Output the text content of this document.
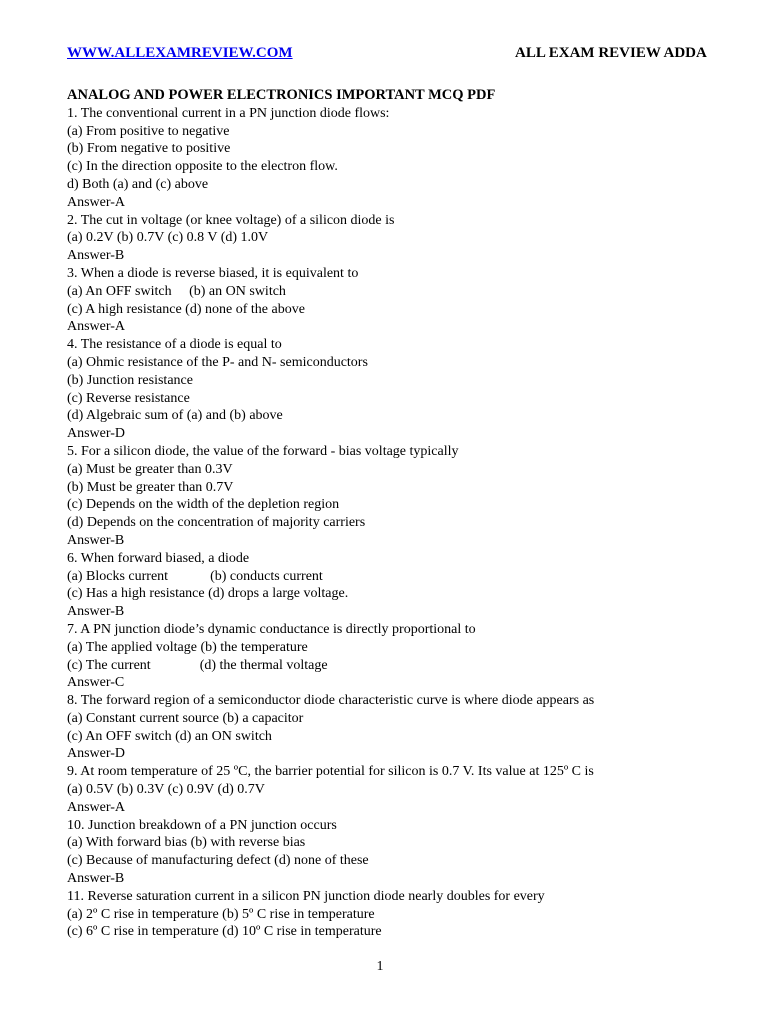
WWW.ALLEXAMREVIEW.COM	ALL EXAM REVIEW ADDA
ANALOG AND POWER ELECTRONICS IMPORTANT MCQ PDF
1. The conventional current in a PN junction diode flows:
(a) From positive to negative
(b) From negative to positive
(c) In the direction opposite to the electron flow.
d) Both (a) and (c) above
Answer-A
2. The cut in voltage (or knee voltage) of a silicon diode is
(a) 0.2V (b) 0.7V (c) 0.8 V (d) 1.0V
Answer-B
3. When a diode is reverse biased, it is equivalent to
(a) An OFF switch     (b) an ON switch
(c) A high resistance (d) none of the above
Answer-A
4. The resistance of a diode is equal to
(a) Ohmic resistance of the P- and N- semiconductors
(b) Junction resistance
(c) Reverse resistance
(d) Algebraic sum of (a) and (b) above
Answer-D
5. For a silicon diode, the value of the forward - bias voltage typically
(a) Must be greater than 0.3V
(b) Must be greater than 0.7V
(c) Depends on the width of the depletion region
(d) Depends on the concentration of majority carriers
Answer-B
6. When forward biased, a diode
(a) Blocks current            (b) conducts current
(c) Has a high resistance (d) drops a large voltage.
Answer-B
7. A PN junction diode’s dynamic conductance is directly proportional to
(a) The applied voltage (b) the temperature
(c) The current              (d) the thermal voltage
Answer-C
8. The forward region of a semiconductor diode characteristic curve is where diode appears as
(a) Constant current source (b) a capacitor
(c) An OFF switch (d) an ON switch
Answer-D
9. At room temperature of 25 ºC, the barrier potential for silicon is 0.7 V. Its value at 125º C is
(a) 0.5V (b) 0.3V (c) 0.9V (d) 0.7V
Answer-A
10. Junction breakdown of a PN junction occurs
(a) With forward bias (b) with reverse bias
(c) Because of manufacturing defect (d) none of these
Answer-B
11. Reverse saturation current in a silicon PN junction diode nearly doubles for every
(a) 2º C rise in temperature (b) 5º C rise in temperature
(c) 6º C rise in temperature (d) 10º C rise in temperature
1
